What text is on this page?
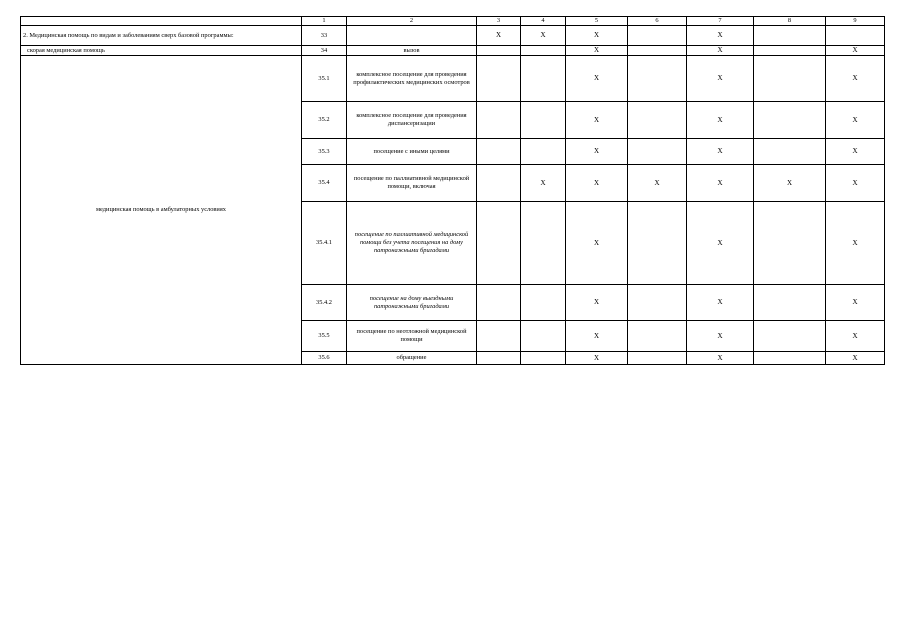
	1	2	3	4	5	6	7	8	9
2. Медицинская помощь по видам и заболеваниям сверх базовой программы:	33		X	X	X		X		
скорая медицинская помощь	34	вызов			X		X		X
медицинская помощь в амбулаторных условиях	35.1	комплексное посещение для проведения профилактических медицинских осмотров			X		X		X
	35.2	комплексное посещение для проведения диспансеризации			X		X		X
	35.3	посещение с иными целями			X		X		X
	35.4	посещение по паллиативной медицинской помощи, включая		X	X	X	X	X	X
	35.4.1	посещение по паллиативной медицинской помощи без учета посещения на дому патронажными бригадами			X		X		X
	35.4.2	посещение на дому выездными патронажными бригадами			X		X		X
	35.5	посещение по неотложной медицинской помощи			X		X		X
	35.6	обращение			X		X		X
